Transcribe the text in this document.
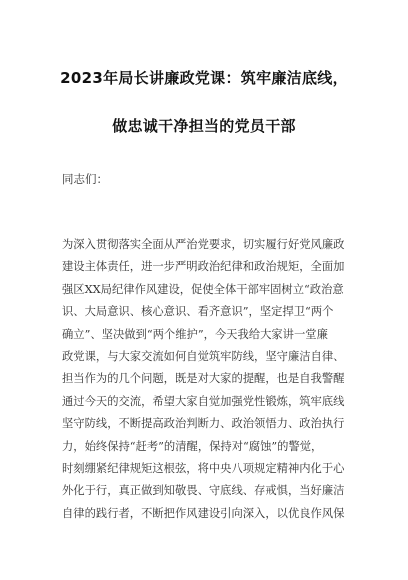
2023年局长讲廉政党课：筑牢廉洁底线，
做忠诚干净担当的党员干部
同志们：
为深入贯彻落实全面从严治党要求，切实履行好党风廉政
建设主体责任，进一步严明政治纪律和政治规矩，全面加
强区XX局纪律作风建设，促使全体干部牢固树立“政治意
识、大局意识、核心意识、看齐意识”，坚定捍卫“两个
确立”、坚决做到“两个维护”，今天我给大家讲一堂廉
政党课，与大家交流如何自觉筑牢防线，坚守廉洁自律、
担当作为的几个问题，既是对大家的提醒，也是自我警醒
通过今天的交流，希望大家自觉加强党性锻炼，筑牢底线
坚守防线，不断提高政治判断力、政治领悟力、政治执行
力，始终保持“赶考”的清醒，保持对“腐蚀”的警觉，
时刻绷紧纪律规矩这根弦，将中央八项规定精神内化于心
外化于行，真正做到知敬畏、守底线、存戒惧，当好廉洁
自律的践行者，不断把作风建设引向深入，以优良作风保
